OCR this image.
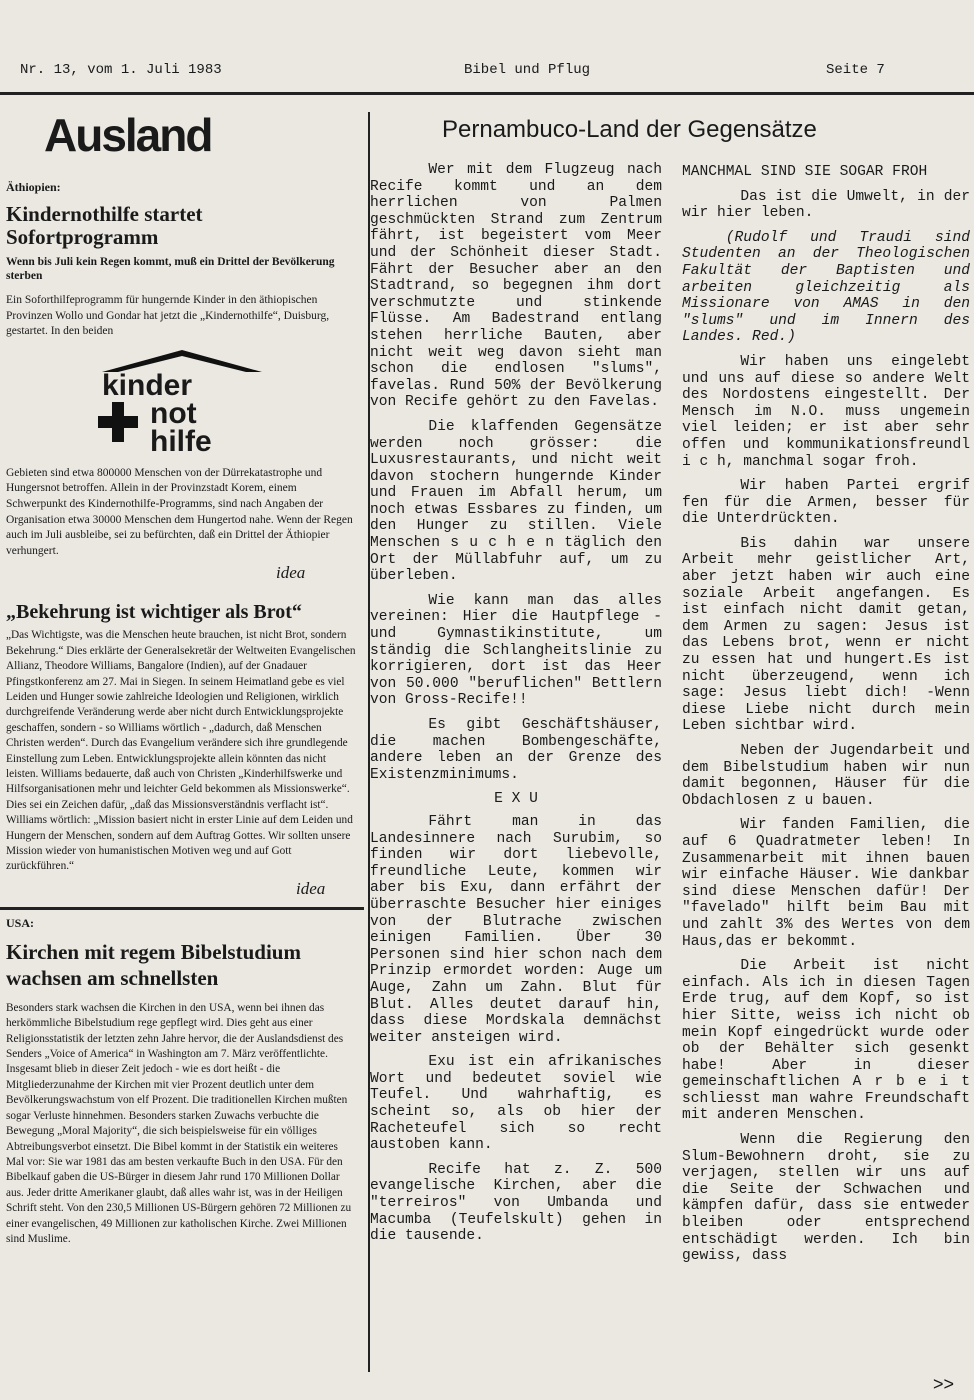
Nr. 13, vom 1. Juli 1983	Bibel und Pflug	Seite 7
Ausland
Äthiopien:
Kindernothilfe startet Sofortprogramm
Wenn bis Juli kein Regen kommt, muß ein Drittel der Bevölkerung sterben

Ein Soforthilfeprogramm für hungernde Kinder in den äthiopischen Provinzen Wollo und Gondar hat jetzt die „Kindernothilfe“, Duisburg, gestartet. In den beiden

kinder
not
hilfe

Gebieten sind etwa 800000 Menschen von der Dürrekatastrophe und Hungersnot betroffen. Allein in der Provinzstadt Korem, einem Schwerpunkt des Kindernothilfe-Programms, sind nach Angaben der Organisation etwa 30000 Menschen dem Hungertod nahe. Wenn der Regen auch im Juli ausbleibe, sei zu befürchten, daß ein Drittel der Äthiopier verhungert.

idea
„Bekehrung ist wichtiger als Brot“

„Das Wichtigste, was die Menschen heute brauchen, ist nicht Brot, sondern Bekehrung.“ Dies erklärte der Generalsekretär der Weltweiten Evangelischen Allianz, Theodore Williams, Bangalore (Indien), auf der Gnadauer Pfingstkonferenz am 27. Mai in Siegen. In seinem Heimatland gebe es viel Leiden und Hunger sowie zahlreiche Ideologien und Religionen, wirklich durchgreifende Veränderung werde aber nicht durch Entwicklungsprojekte geschaffen, sondern - so Williams wörtlich - „dadurch, daß Menschen Christen werden“. Durch das Evangelium verändere sich ihre grundlegende Einstellung zum Leben. Entwicklungsprojekte allein könnten das nicht leisten. Williams bedauerte, daß auch von Christen „Kinderhilfswerke und Hilfsorganisationen mehr und leichter Geld bekommen als Missionswerke“. Dies sei ein Zeichen dafür, „daß das Missionsverständnis verflacht ist“. Williams wörtlich: „Mission basiert nicht in erster Linie auf dem Leiden und Hungern der Menschen, sondern auf dem Auftrag Gottes. Wir sollten unsere Mission wieder von humanistischen Motiven weg und auf Gott zurückführen.“

idea
USA:
Kirchen mit regem Bibelstudium wachsen am schnellsten

Besonders stark wachsen die Kirchen in den USA, wenn bei ihnen das herkömmliche Bibelstudium rege gepflegt wird. Dies geht aus einer Religionsstatistik der letzten zehn Jahre hervor, die der Auslandsdienst des Senders „Voice of America“ in Washington am 7. März veröffentlichte. Insgesamt blieb in dieser Zeit jedoch - wie es dort heißt - die Mitgliederzunahme der Kirchen mit vier Prozent deutlich unter dem Bevölkerungswachstum von elf Prozent. Die traditionellen Kirchen mußten sogar Verluste hinnehmen. Besonders starken Zuwachs verbuchte die Bewegung „Moral Majority“, die sich beispielsweise für ein völliges Abtreibungsverbot einsetzt. Die Bibel kommt in der Statistik ein weiteres Mal vor: Sie war 1981 das am besten verkaufte Buch in den USA. Für den Bibelkauf gaben die US-Bürger in diesem Jahr rund 170 Millionen Dollar aus. Jeder dritte Amerikaner glaubt, daß alles wahr ist, was in der Heiligen Schrift steht. Von den 230,5 Millionen US-Bürgern gehören 72 Millionen zu einer evangelischen, 49 Millionen zur katholischen Kirche. Zwei Millionen sind Muslime.

Pernambuco-Land der Gegensätze

Wer mit dem Flugzeug nach Recife kommt und an dem herrlichen von Palmen geschmückten Strand zum Zentrum fährt, ist begeistert vom Meer und der Schönheit dieser Stadt. Fährt der Besucher aber an den Stadtrand, so begegnen ihm dort verschmutzte und stinkende Flüsse. Am Badestrand entlang stehen herrliche Bauten, aber nicht weit weg davon sieht man schon die endlosen "slums", favelas. Rund 50% der Bevölkerung von Recife gehört zu den Favelas.

Die klaffenden Gegensätze werden noch grösser: die Luxusrestaurants, und nicht weit davon stochern hungernde Kinder und Frauen im Abfall herum, um noch etwas Essbares zu finden, um den Hunger zu stillen. Viele Menschen s u c h e n täglich den Ort der Müllabfuhr auf, um zu überleben.

Wie kann man das alles vereinen: Hier die Hautpflege - und Gymnastikinstitute, um ständig die Schlangheitslinie zu korrigieren, dort ist das Heer von 50.000 "beruflichen" Bettlern von Gross-Recife!!

Es gibt Geschäftshäuser, die machen Bombengeschäfte, andere leben an der Grenze des Existenzminimums.

E X U

Fährt man in das Landesinnere nach Surubim, so finden wir dort liebevolle, freundliche Leute, kommen wir aber bis Exu, dann erfährt der überraschte Besucher hier einiges von der Blutrache zwischen einigen Familien. Über 30 Personen sind hier schon nach dem Prinzip ermordet worden: Auge um Auge, Zahn um Zahn. Blut für Blut. Alles deutet darauf hin, dass diese Mordskala demnächst weiter ansteigen wird.

Exu ist ein afrikanisches Wort und bedeutet soviel wie Teufel. Und wahrhaftig, es scheint so, als ob hier der Racheteufel sich so recht austoben kann.

Recife hat z. Z. 500 evangelische Kirchen, aber die "terreiros" von Umbanda und Macumba (Teufelskult) gehen in die tausende.

MANCHMAL SIND SIE SOGAR FROH

Das ist die Umwelt, in der wir hier leben.

(Rudolf und Traudi sind Studenten an der Theologischen Fakultät der Baptisten und arbeiten gleichzeitig als Missionare von AMAS in den "slums" und im Innern des Landes. Red.)

Wir haben uns eingelebt und uns auf diese so andere Welt des Nordostens eingestellt. Der Mensch im N.O. muss ungemein viel leiden; er ist aber sehr offen und kommunikationsfreundl i c h, manchmal sogar froh.

Wir haben Partei ergrif fen für die Armen, besser für die Unterdrückten.

Bis dahin war unsere Arbeit mehr geistlicher Art, aber jetzt haben wir auch eine soziale Arbeit angefangen. Es ist einfach nicht damit getan, dem Armen zu sagen: Jesus ist das Lebens brot, wenn er nicht zu essen hat und hungert.Es ist nicht überzeugend, wenn ich sage: Jesus liebt dich! -Wenn diese Liebe nicht durch mein Leben sichtbar wird.

Neben der Jugendarbeit und dem Bibelstudium haben wir nun damit begonnen, Häuser für die Obdachlosen z u bauen.

Wir fanden Familien, die auf 6 Quadratmeter leben! In Zusammenarbeit mit ihnen bauen wir einfache Häuser. Wie dankbar sind diese Menschen dafür! Der "favelado" hilft beim Bau mit und zahlt 3% des Wertes von dem Haus,das er bekommt.

Die Arbeit ist nicht einfach. Als ich in diesen Tagen Erde trug, auf dem Kopf, so ist hier Sitte, weiss ich nicht ob mein Kopf eingedrückt wurde oder ob der Behälter sich gesenkt habe! Aber in dieser gemeinschaftlichen A r b e i t schliesst man wahre Freundschaft mit anderen Menschen.

Wenn die Regierung den Slum-Bewohnern droht, sie zu verjagen, stellen wir uns auf die Seite der Schwachen und kämpfen dafür, dass sie entweder bleiben oder entsprechend entschädigt werden. Ich bin gewiss, dass

>>
